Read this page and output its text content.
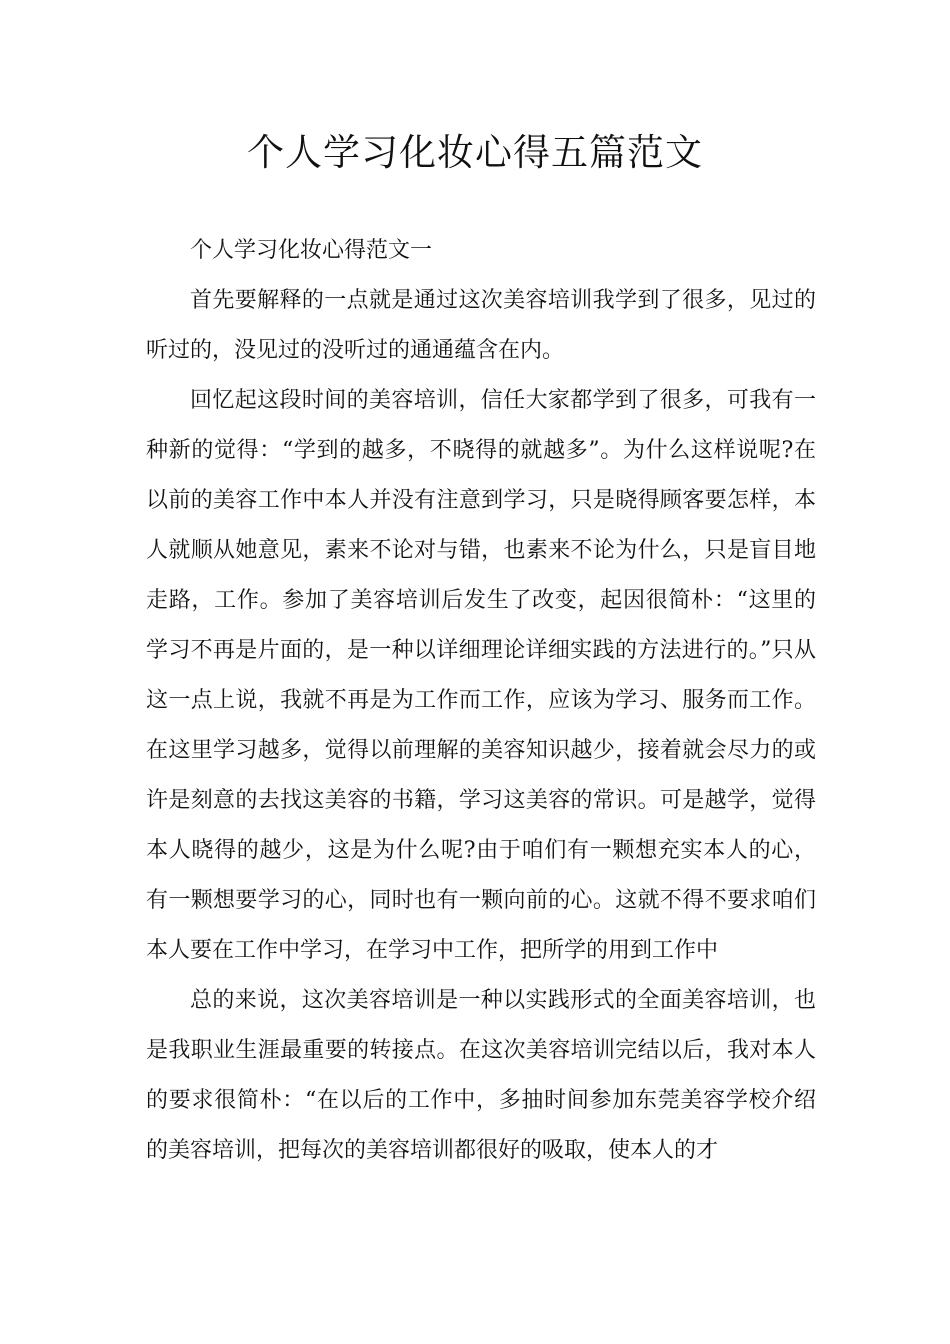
个人学习化妆心得五篇范文

个人学习化妆心得范文一

首先要解释的一点就是通过这次美容培训我学到了很多，见过的听过的，没见过的没听过的通通蕴含在内。

回忆起这段时间的美容培训，信任大家都学到了很多，可我有一种新的觉得：“学到的越多，不晓得的就越多”。为什么这样说呢?在以前的美容工作中本人并没有注意到学习，只是晓得顾客要怎样，本人就顺从她意见，素来不论对与错，也素来不论为什么，只是盲目地走路，工作。参加了美容培训后发生了改变，起因很简朴：“这里的学习不再是片面的，是一种以详细理论详细实践的方法进行的。”只从这一点上说，我就不再是为工作而工作，应该为学习、服务而工作。在这里学习越多，觉得以前理解的美容知识越少，接着就会尽力的或许是刻意的去找这美容的书籍，学习这美容的常识。可是越学，觉得本人晓得的越少，这是为什么呢?由于咱们有一颗想充实本人的心，有一颗想要学习的心，同时也有一颗向前的心。这就不得不要求咱们本人要在工作中学习，在学习中工作，把所学的用到工作中

总的来说，这次美容培训是一种以实践形式的全面美容培训，也是我职业生涯最重要的转接点。在这次美容培训完结以后，我对本人的要求很简朴：“在以后的工作中，多抽时间参加东莞美容学校介绍的美容培训，把每次的美容培训都很好的吸取，使本人的才
